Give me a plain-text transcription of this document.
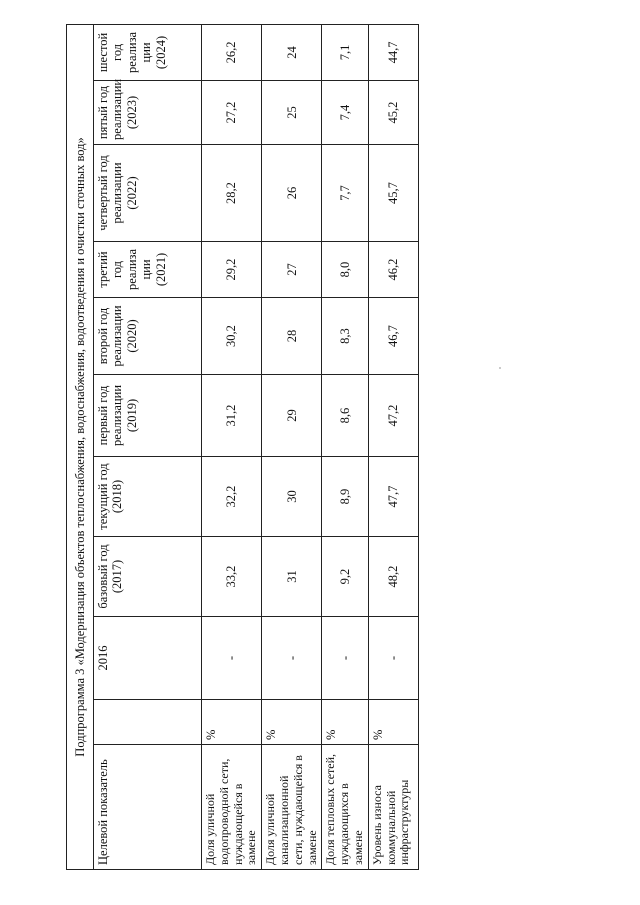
Подпрограмма 3 «Модернизация объектов теплоснабжения, водоснабжения, водоотведения и очистки сточных вод»										
Целевой показатель		2016	базовый год (2017)	текущий год (2018)	первый год реализации (2019)	второй год реализации (2020)	третий год реализа ции (2021)	четвертый год реализации (2022)	пятый год реализации (2023)	шестой год реализа ции (2024)
Доля уличной водопроводной сети, нуждающейся в замене	%	-	33,2	32,2	31,2	30,2	29,2	28,2	27,2	26,2
Доля уличной канализационной сети, нуждающейся в замене	%	-	31	30	29	28	27	26	25	24
Доля тепловых сетей, нуждающихся в замене	%	-	9,2	8,9	8,6	8,3	8,0	7,7	7,4	7,1
Уровень износа коммунальной инфраструктуры	%	-	48,2	47,7	47,2	46,7	46,2	45,7	45,2	44,7
